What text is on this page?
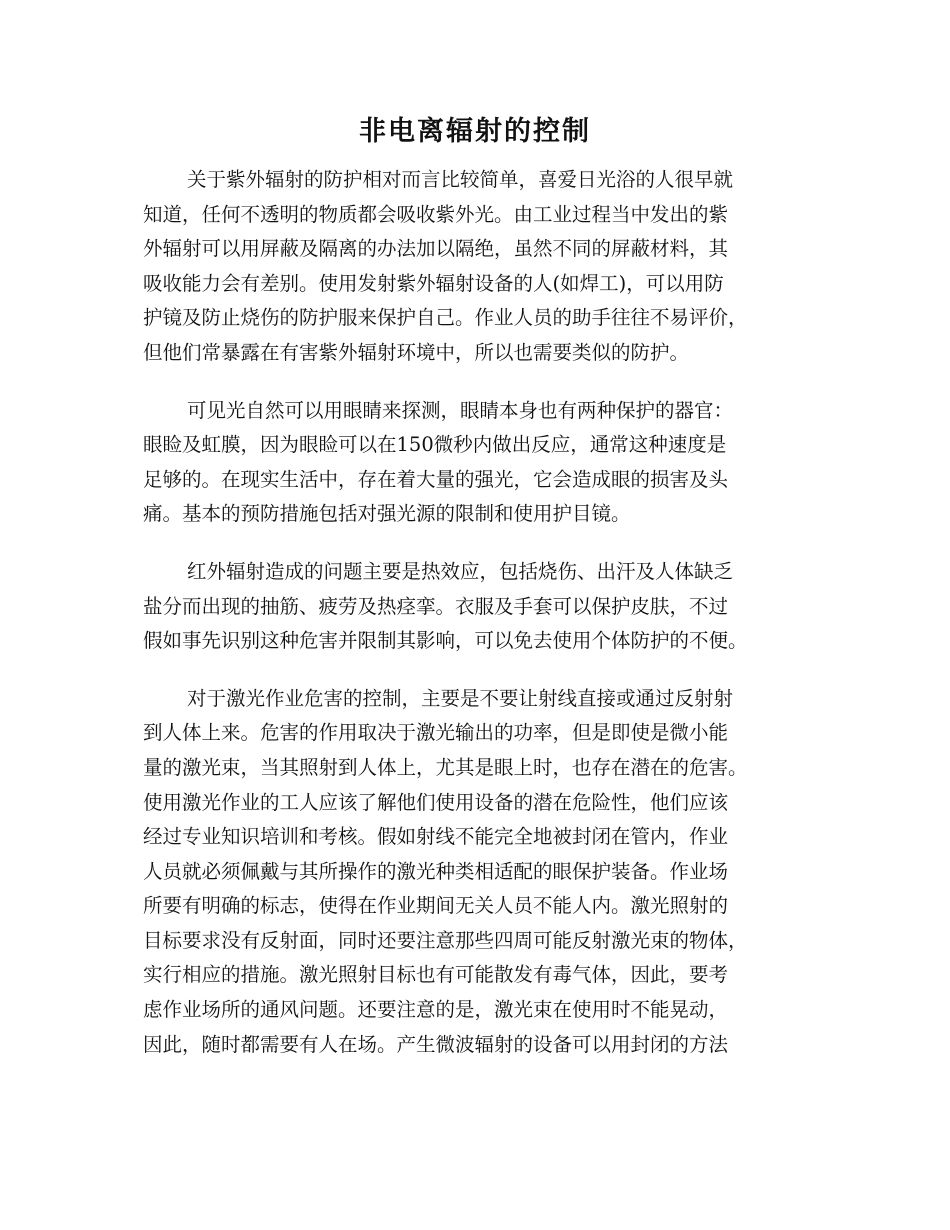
非电离辐射的控制
关于紫外辐射的防护相对而言比较简单，喜爱日光浴的人很早就
知道，任何不透明的物质都会吸收紫外光。由工业过程当中发出的紫
外辐射可以用屏蔽及隔离的办法加以隔绝，虽然不同的屏蔽材料，其
吸收能力会有差别。使用发射紫外辐射设备的人(如焊工)，可以用防
护镜及防止烧伤的防护服来保护自己。作业人员的助手往往不易评价，
但他们常暴露在有害紫外辐射环境中，所以也需要类似的防护。
可见光自然可以用眼睛来探测，眼睛本身也有两种保护的器官：
眼睑及虹膜，因为眼睑可以在150微秒内做出反应，通常这种速度是
足够的。在现实生活中，存在着大量的强光，它会造成眼的损害及头
痛。基本的预防措施包括对强光源的限制和使用护目镜。
红外辐射造成的问题主要是热效应，包括烧伤、出汗及人体缺乏
盐分而出现的抽筋、疲劳及热痉挛。衣服及手套可以保护皮肤，不过
假如事先识别这种危害并限制其影响，可以免去使用个体防护的不便。
对于激光作业危害的控制，主要是不要让射线直接或通过反射射
到人体上来。危害的作用取决于激光输出的功率，但是即使是微小能
量的激光束，当其照射到人体上，尤其是眼上时，也存在潜在的危害。
使用激光作业的工人应该了解他们使用设备的潜在危险性，他们应该
经过专业知识培训和考核。假如射线不能完全地被封闭在管内，作业
人员就必须佩戴与其所操作的激光种类相适配的眼保护装备。作业场
所要有明确的标志，使得在作业期间无关人员不能人内。激光照射的
目标要求没有反射面，同时还要注意那些四周可能反射激光束的物体，
实行相应的措施。激光照射目标也有可能散发有毒气体，因此，要考
虑作业场所的通风问题。还要注意的是，激光束在使用时不能晃动，
因此，随时都需要有人在场。产生微波辐射的设备可以用封闭的方法
